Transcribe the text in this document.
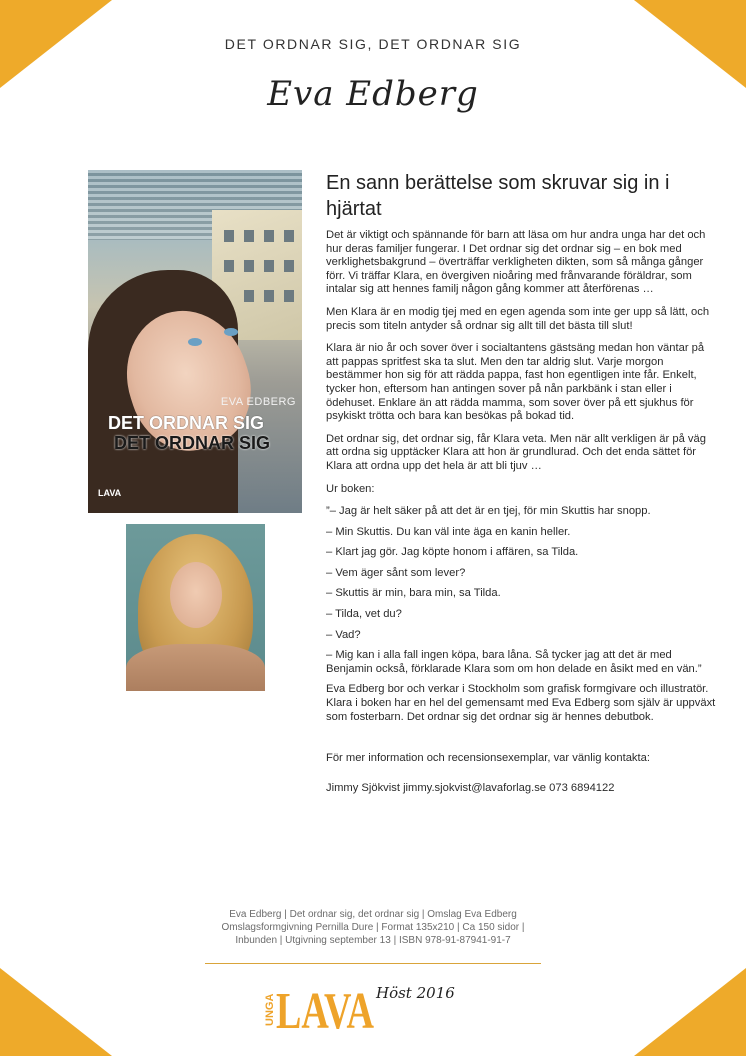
DET ORDNAR SIG, DET ORDNAR SIG
Eva Edberg
EVA EDBERG
DET ORDNAR SIG
DET ORDNAR SIG
LAVA
En sann berättelse som skruvar sig in i hjärtat

Det är viktigt och spännande för barn att läsa om hur andra unga har det och hur deras familjer fungerar. I Det ordnar sig det ordnar sig – en bok med verklighetsbakgrund – överträffar verkligheten dikten, som så många gånger förr. Vi träffar Klara, en övergiven nioåring med frånvarande föräldrar, som intalar sig att hennes familj någon gång kommer att återförenas …

Men Klara är en modig tjej med en egen agenda som inte ger upp så lätt, och precis som titeln antyder så ordnar sig allt till det bästa till slut!

Klara är nio år och sover över i socialtantens gästsäng medan hon väntar på att pappas spritfest ska ta slut. Men den tar aldrig slut. Varje morgon bestämmer hon sig för att rädda pappa, fast hon egentligen inte får. Enkelt, tycker hon, eftersom han antingen sover på nån parkbänk i stan eller i ödehuset. Enklare än att rädda mamma, som sover över på ett sjukhus för psykiskt trötta och bara kan besökas på bokad tid.

Det ordnar sig, det ordnar sig, får Klara veta. Men när allt verkligen är på väg att ordna sig upptäcker Klara att hon är grundlurad. Och det enda sättet för Klara att ordna upp det hela är att bli tjuv …

Ur boken:

”– Jag är helt säker på att det är en tjej, för min Skuttis har snopp.

– Min Skuttis. Du kan väl inte äga en kanin heller.

– Klart jag gör. Jag köpte honom i affären, sa Tilda.

– Vem äger sånt som lever?

– Skuttis är min, bara min, sa Tilda.

– Tilda, vet du?

– Vad?

– Mig kan i alla fall ingen köpa, bara låna. Så tycker jag att det är med Benjamin också, förklarade Klara som om hon delade en åsikt med en vän.”

Eva Edberg bor och verkar i Stockholm som grafisk formgivare och illustratör. Klara i boken har en hel del gemensamt med Eva Edberg som själv är uppväxt som fosterbarn. Det ordnar sig det ordnar sig är hennes debutbok.

För mer information och recensionsexemplar, var vänlig kontakta:

Jimmy Sjökvist jimmy.sjokvist@lavaforlag.se 073 6894122

Eva Edberg | Det ordnar sig, det ordnar sig | Omslag Eva Edberg
Omslagsformgivning Pernilla Dure | Format 135x210 | Ca 150 sidor |
Inbunden | Utgivning september 13 | ISBN 978-91-87941-91-7
UNGA LAVA Höst 2016
